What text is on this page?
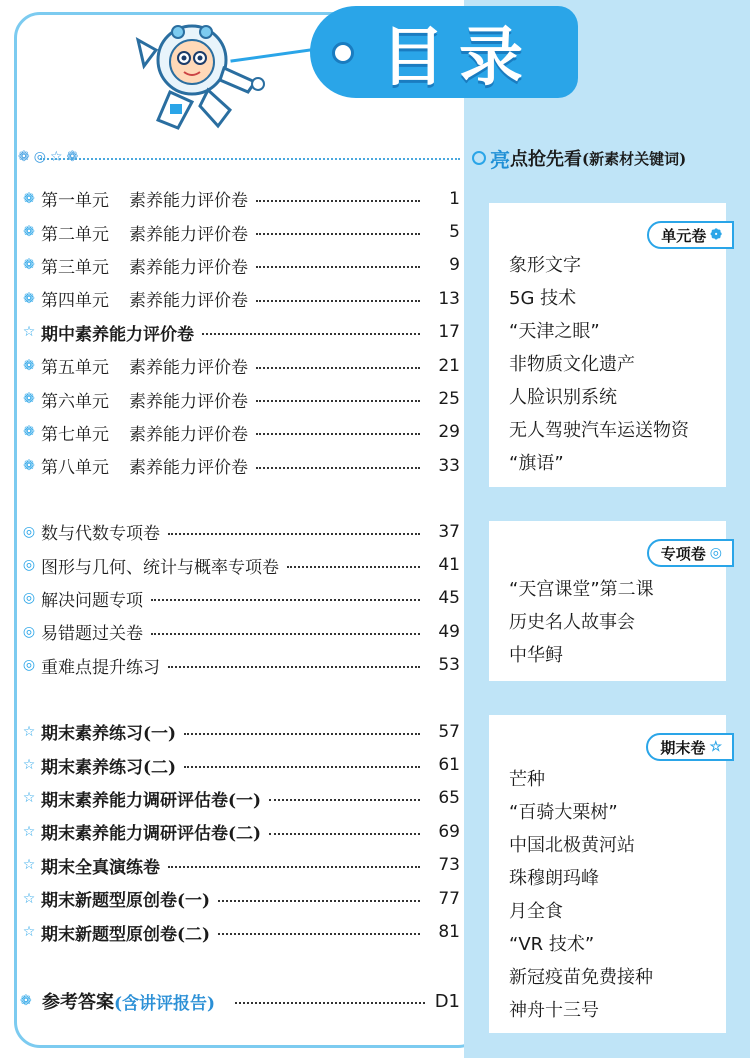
目录
❁ ◎ ☆ ❁	亮 点抢先看 (新素材关键词)
❁ 第一单元 素养能力评价卷	1
❁ 第二单元 素养能力评价卷	5
❁ 第三单元 素养能力评价卷	9
❁ 第四单元 素养能力评价卷	13
☆ 期中素养能力评价卷	17
❁ 第五单元 素养能力评价卷	21
❁ 第六单元 素养能力评价卷	25
❁ 第七单元 素养能力评价卷	29
❁ 第八单元 素养能力评价卷	33
◎ 数与代数专项卷	37
◎ 图形与几何、统计与概率专项卷	41
◎ 解决问题专项	45
◎ 易错题过关卷	49
◎ 重难点提升练习	53
☆ 期末素养练习(一)	57
☆ 期末素养练习(二)	61
☆ 期末素养能力调研评估卷(一)	65
☆ 期末素养能力调研评估卷(二)	69
☆ 期末全真演练卷	73
☆ 期末新题型原创卷(一)	77
☆ 期末新题型原创卷(二)	81
❁ 参考答案 (含讲评报告)	D1
单元卷 ❁
象形文字
5G 技术
“天津之眼”
非物质文化遗产
人脸识别系统
无人驾驶汽车运送物资
“旗语”
专项卷 ◎
“天宫课堂”第二课
历史名人故事会
中华鲟
期末卷 ☆
芒种
“百骑大栗树”
中国北极黄河站
珠穆朗玛峰
月全食
“VR 技术”
新冠疫苗免费接种
神舟十三号
